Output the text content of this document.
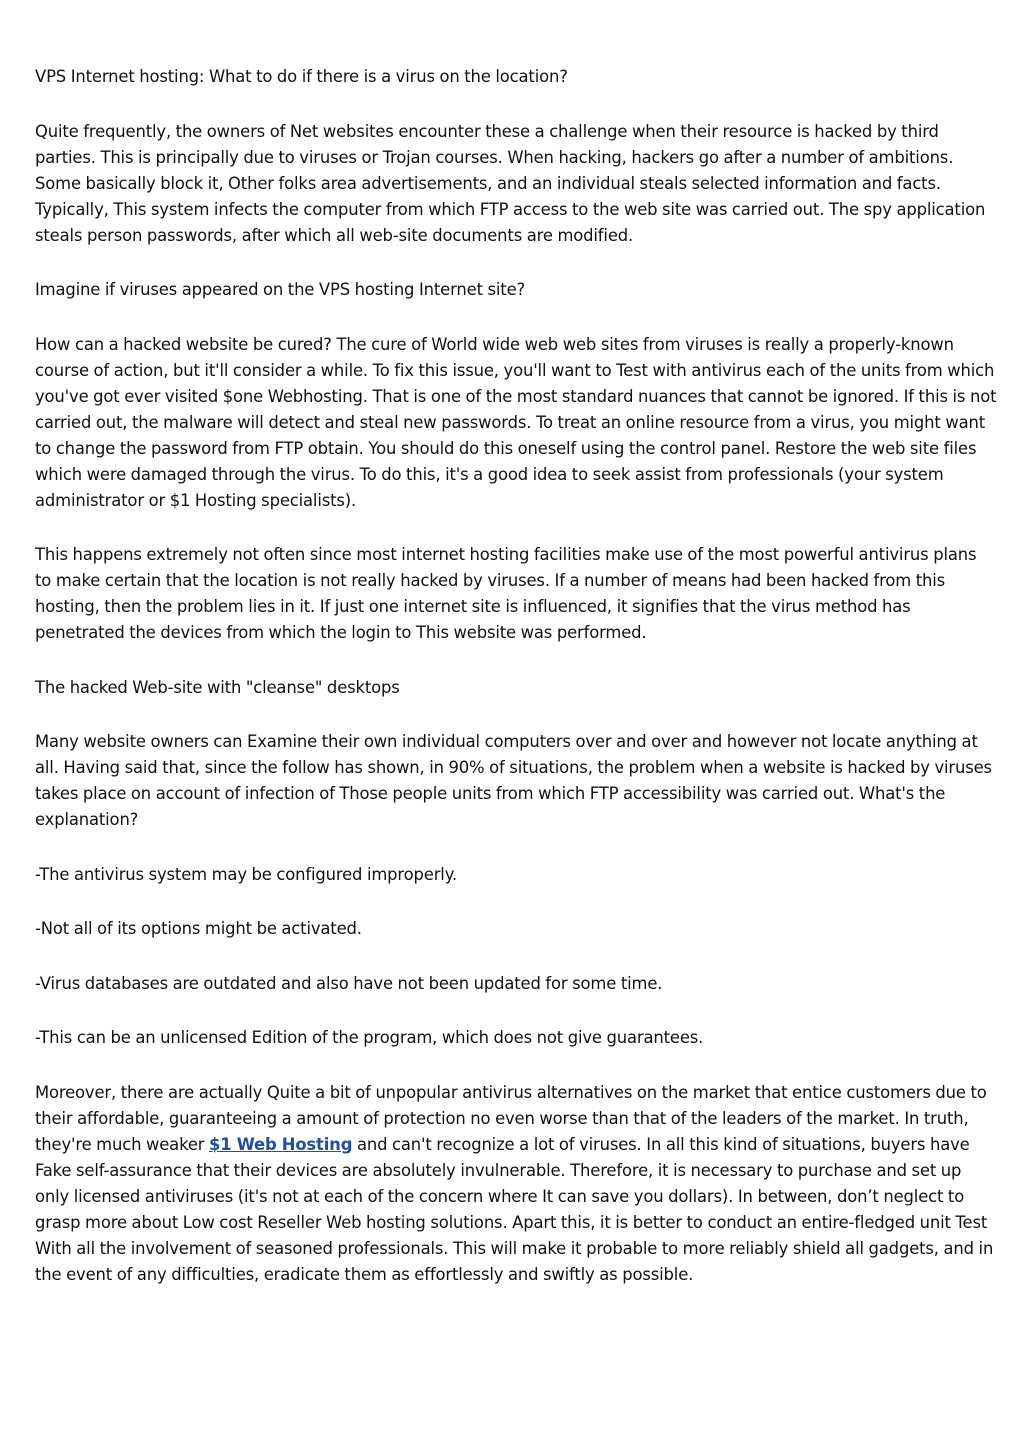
VPS Internet hosting: What to do if there is a virus on the location?

Quite frequently, the owners of Net websites encounter these a challenge when their resource is hacked by third parties. This is principally due to viruses or Trojan courses. When hacking, hackers go after a number of ambitions. Some basically block it, Other folks area advertisements, and an individual steals selected information and facts. Typically, This system infects the computer from which FTP access to the web site was carried out. The spy application steals person passwords, after which all web-site documents are modified.

Imagine if viruses appeared on the VPS hosting Internet site?

How can a hacked website be cured? The cure of World wide web web sites from viruses is really a properly-known course of action, but it'll consider a while. To fix this issue, you'll want to Test with antivirus each of the units from which you've got ever visited $one Webhosting. That is one of the most standard nuances that cannot be ignored. If this is not carried out, the malware will detect and steal new passwords. To treat an online resource from a virus, you might want to change the password from FTP obtain. You should do this oneself using the control panel. Restore the web site files which were damaged through the virus. To do this, it's a good idea to seek assist from professionals (your system administrator or $1 Hosting specialists).

This happens extremely not often since most internet hosting facilities make use of the most powerful antivirus plans to make certain that the location is not really hacked by viruses. If a number of means had been hacked from this hosting, then the problem lies in it. If just one internet site is influenced, it signifies that the virus method has penetrated the devices from which the login to This website was performed.

The hacked Web-site with "cleanse" desktops

Many website owners can Examine their own individual computers over and over and however not locate anything at all. Having said that, since the follow has shown, in 90% of situations, the problem when a website is hacked by viruses takes place on account of infection of Those people units from which FTP accessibility was carried out. What's the explanation?

-The antivirus system may be configured improperly.

-Not all of its options might be activated.

-Virus databases are outdated and also have not been updated for some time.

-This can be an unlicensed Edition of the program, which does not give guarantees.

Moreover, there are actually Quite a bit of unpopular antivirus alternatives on the market that entice customers due to their affordable, guaranteeing a amount of protection no even worse than that of the leaders of the market. In truth, they're much weaker $1 Web Hosting and can't recognize a lot of viruses. In all this kind of situations, buyers have Fake self-assurance that their devices are absolutely invulnerable. Therefore, it is necessary to purchase and set up only licensed antiviruses (it's not at each of the concern where It can save you dollars). In between, don’t neglect to grasp more about Low cost Reseller Web hosting solutions. Apart this, it is better to conduct an entire-fledged unit Test With all the involvement of seasoned professionals. This will make it probable to more reliably shield all gadgets, and in the event of any difficulties, eradicate them as effortlessly and swiftly as possible.
